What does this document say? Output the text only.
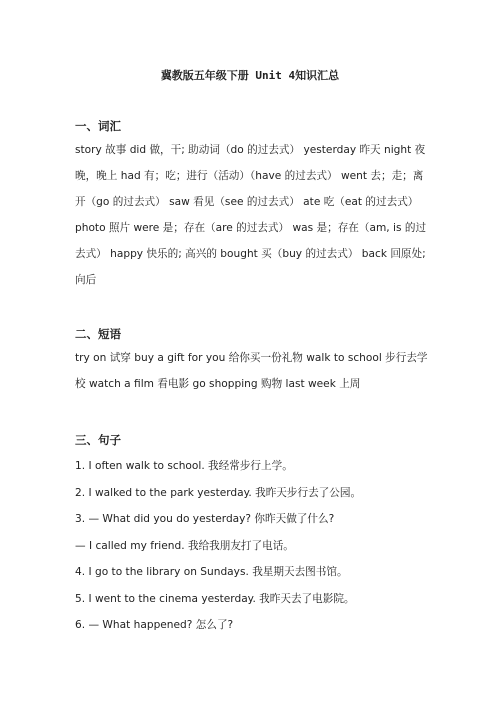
冀教版五年级下册 Unit 4知识汇总
一、词汇
story 故事 did 做，干; 助动词（do 的过去式） yesterday 昨天 night 夜
晚，晚上 had 有；吃；进行（活动）（have 的过去式） went 去；走；离
开（go 的过去式） saw 看见（see 的过去式） ate 吃（eat 的过去式）
photo 照片 were 是；存在（are 的过去式） was 是；存在（am, is 的过
去式） happy 快乐的; 高兴的 bought 买（buy 的过去式） back 回原处;
向后
二、短语
try on 试穿 buy a gift for you 给你买一份礼物 walk to school 步行去学
校 watch a film 看电影 go shopping 购物 last week 上周
三、句子
1. I often walk to school. 我经常步行上学。
2. I walked to the park yesterday. 我昨天步行去了公园。
3. — What did you do yesterday? 你昨天做了什么?
— I called my friend. 我给我朋友打了电话。
4. I go to the library on Sundays. 我星期天去图书馆。
5. I went to the cinema yesterday. 我昨天去了电影院。
6. — What happened? 怎么了?
